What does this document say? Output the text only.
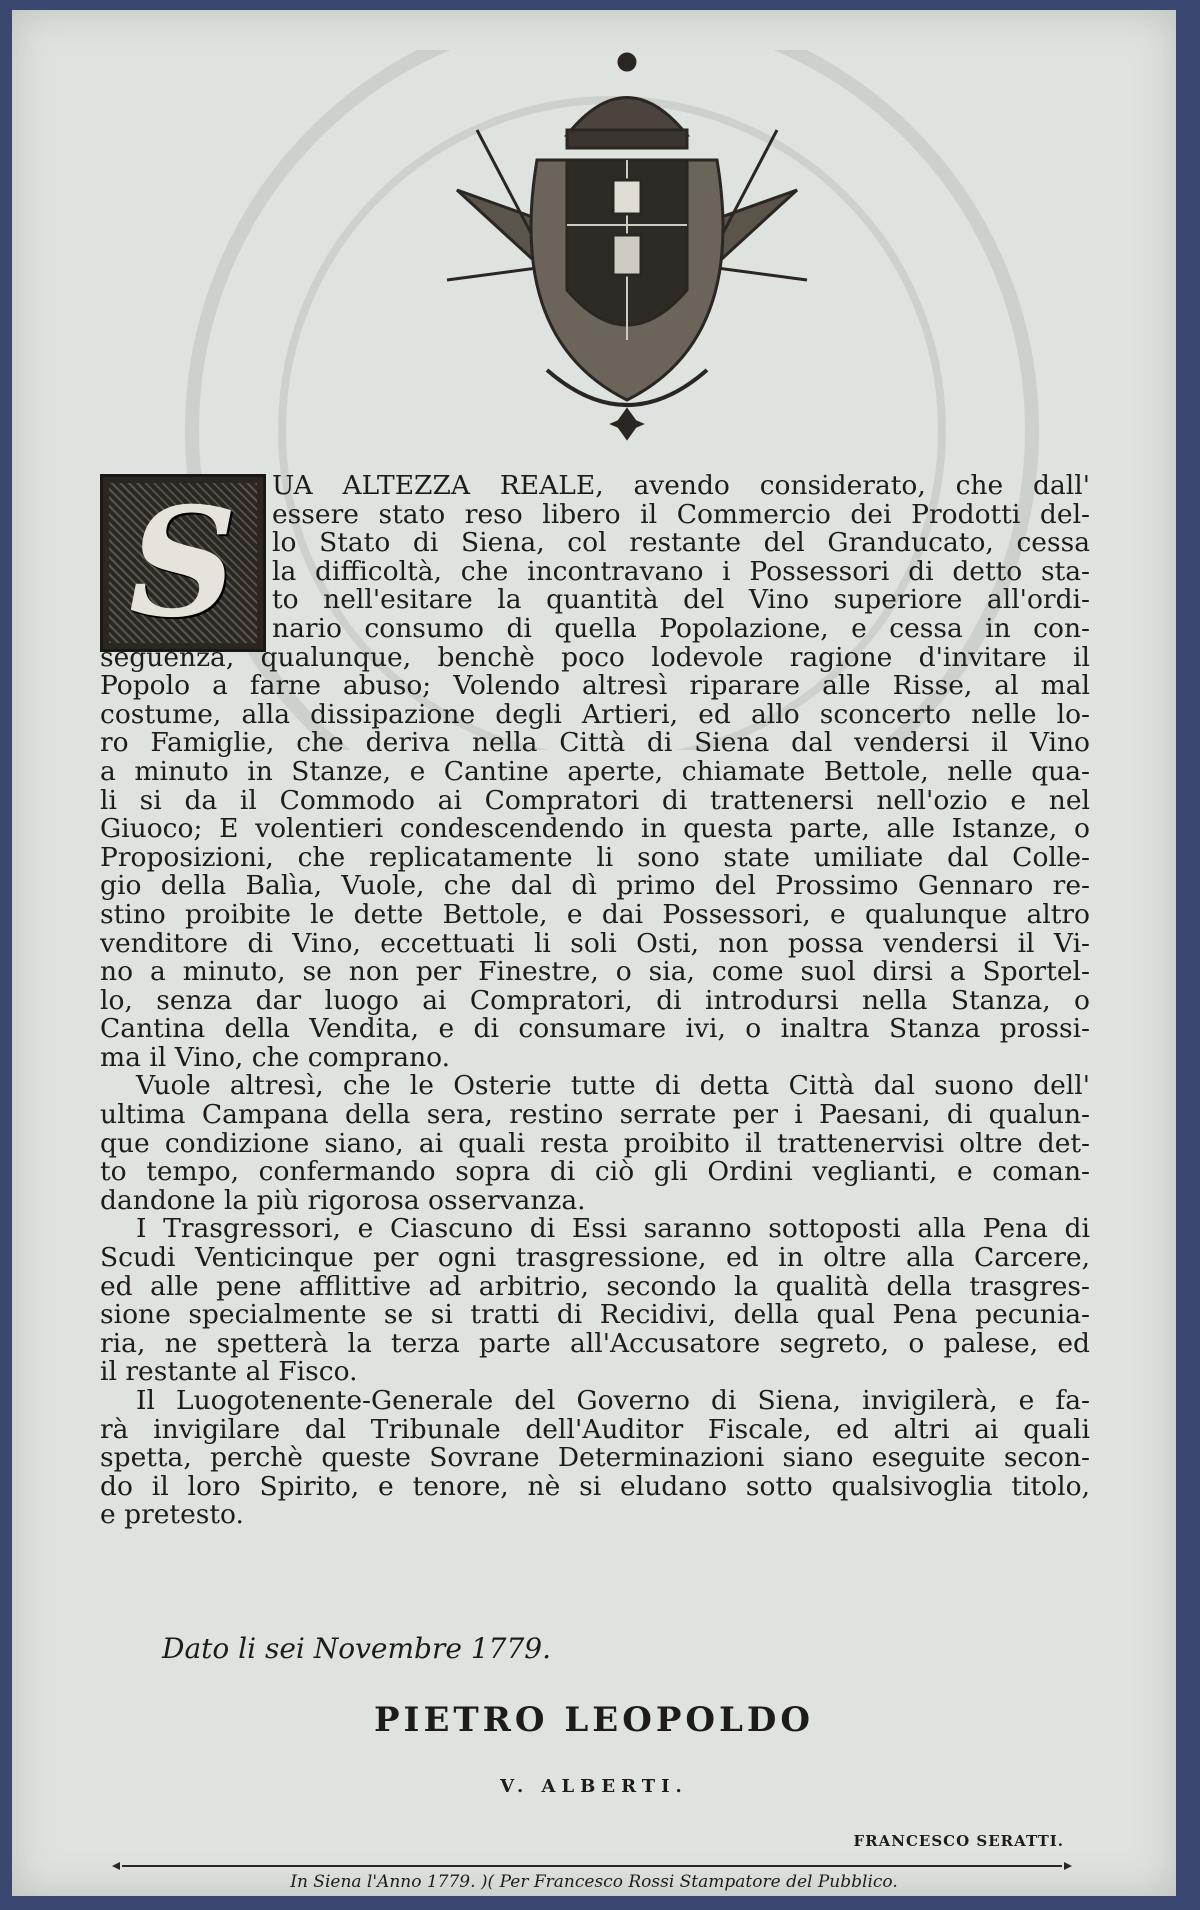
S	UA ALTEZZA REALE, avendo considerato, che dall'
essere stato reso libero il Commercio dei Prodotti del-
lo Stato di Siena, col restante del Granducato, cessa
la difficoltà, che incontravano i Possessori di detto sta-
to nell'esitare la quantità del Vino superiore all'ordi-
nario consumo di quella Popolazione, e cessa in con-
seguenza, qualunque, benchè poco lodevole ragione d'invitare il
Popolo a farne abuso; Volendo altresì riparare alle Risse, al mal
costume, alla dissipazione degli Artieri, ed allo sconcerto nelle lo-
ro Famiglie, che deriva nella Città di Siena dal vendersi il Vino
a minuto in Stanze, e Cantine aperte, chiamate Bettole, nelle qua-
li si da il Commodo ai Compratori di trattenersi nell'ozio e nel
Giuoco; E volentieri condescendendo in questa parte, alle Istanze, o
Proposizioni, che replicatamente li sono state umiliate dal Colle-
gio della Balìa, Vuole, che dal dì primo del Prossimo Gennaro re-
stino proibite le dette Bettole, e dai Possessori, e qualunque altro
venditore di Vino, eccettuati li soli Osti, non possa vendersi il Vi-
no a minuto, se non per Finestre, o sia, come suol dirsi a Sportel-
lo, senza dar luogo ai Compratori, di introdursi nella Stanza, o
Cantina della Vendita, e di consumare ivi, o inaltra Stanza prossi-
ma il Vino, che comprano.
Vuole altresì, che le Osterie tutte di detta Città dal suono dell'
ultima Campana della sera, restino serrate per i Paesani, di qualun-
que condizione siano, ai quali resta proibito il trattenervisi oltre det-
to tempo, confermando sopra di ciò gli Ordini veglianti, e coman-
dandone la più rigorosa osservanza.
I Trasgressori, e Ciascuno di Essi saranno sottoposti alla Pena di
Scudi Venticinque per ogni trasgressione, ed in oltre alla Carcere,
ed alle pene afflittive ad arbitrio, secondo la qualità della trasgres-
sione specialmente se si tratti di Recidivi, della qual Pena pecunia-
ria, ne spetterà la terza parte all'Accusatore segreto, o palese, ed
il restante al Fisco.
Il Luogotenente-Generale del Governo di Siena, invigilerà, e fa-
rà invigilare dal Tribunale dell'Auditor Fiscale, ed altri ai quali
spetta, perchè queste Sovrane Determinazioni siano eseguite secon-
do il loro Spirito, e tenore, nè si eludano sotto qualsivoglia titolo,
e pretesto.
Dato li sei Novembre 1779.
PIETRO LEOPOLDO
V. ALBERTI.
FRANCESCO SERATTI.
In Siena l'Anno 1779. )( Per Francesco Rossi Stampatore del Pubblico.
